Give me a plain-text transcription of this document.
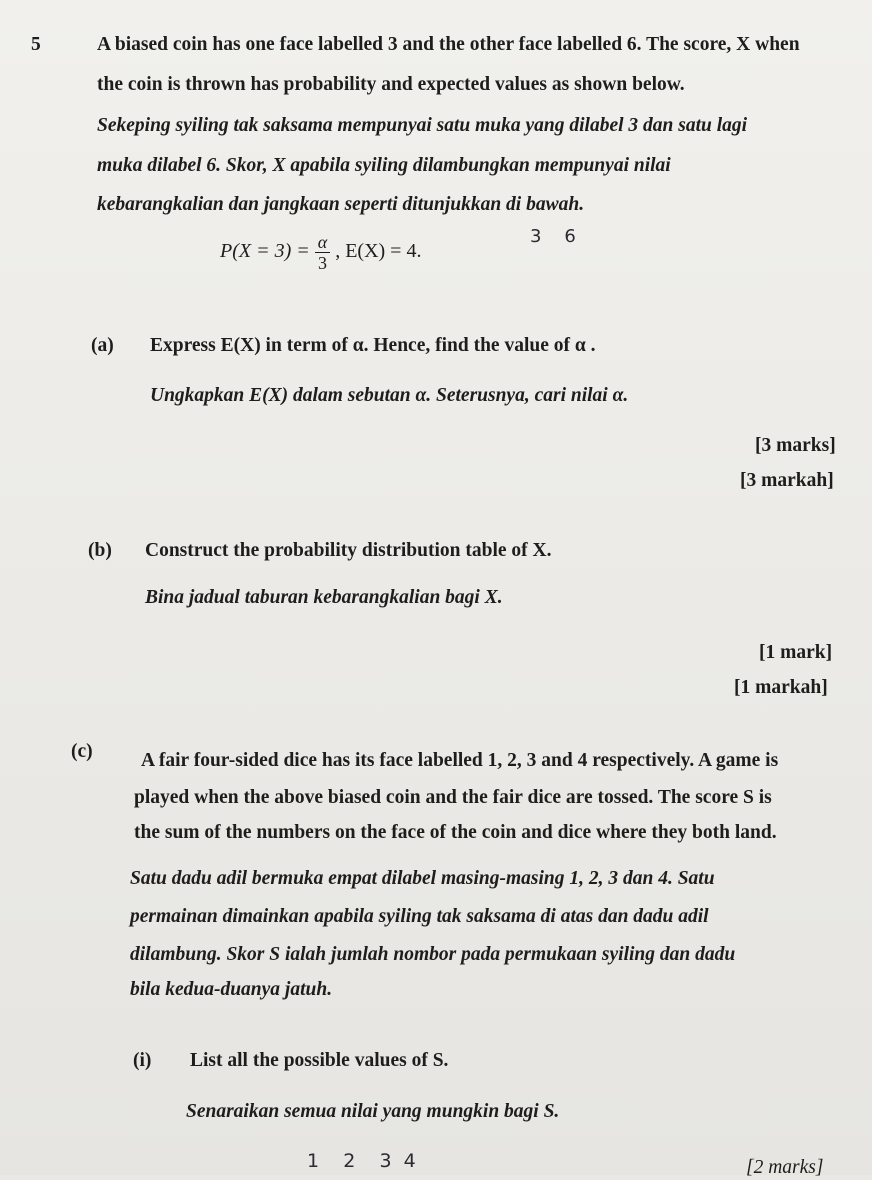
5	A biased coin has one face labelled 3 and the other face labelled 6. The score, X when
the coin is thrown has probability and expected values as shown below.
Sekeping syiling tak saksama mempunyai satu muka yang dilabel 3 dan satu lagi
muka dilabel 6. Skor, X apabila syiling dilambungkan mempunyai nilai
kebarangkalian dan jangkaan seperti ditunjukkan di bawah.
$P(X = 3) = \frac{\alpha}{3}$ , E(X) = 4.
3    6
(a) Express E(X) in term of α. Hence, find the value of α .
Ungkapkan E(X) dalam sebutan α. Seterusnya, cari nilai α.
[3 marks]
[3 markah]
(b) Construct the probability distribution table of X.
Bina jadual taburan kebarangkalian bagi X.
[1 mark]
[1 markah]
(c) A fair four-sided dice has its face labelled 1, 2, 3 and 4 respectively. A game is
played when the above biased coin and the fair dice are tossed. The score S is
the sum of the numbers on the face of the coin and dice where they both land.
Satu dadu adil bermuka empat dilabel masing-masing 1, 2, 3 dan 4. Satu
permainan dimainkan apabila syiling tak saksama di atas dan dadu adil
dilambung. Skor S ialah jumlah nombor pada permukaan syiling dan dadu
bila kedua-duanya jatuh.
(i) List all the possible values of S.
Senaraikan semua nilai yang mungkin bagi S.
1    2    3  4	[2 marks]
